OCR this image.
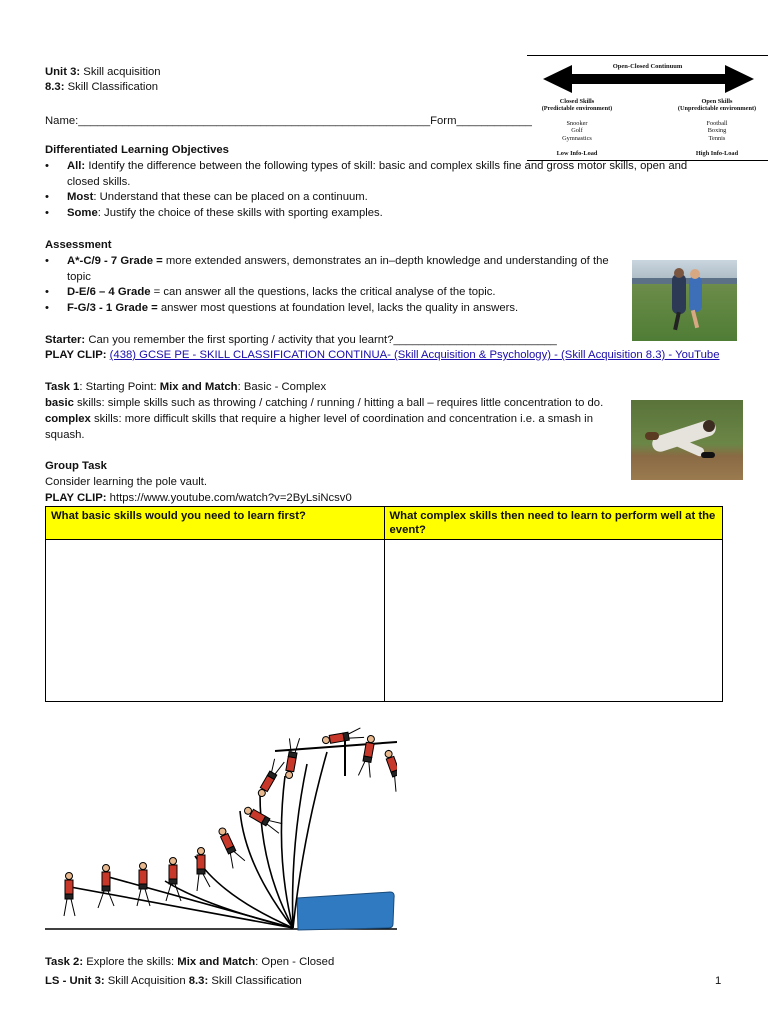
Unit 3: Skill acquisition
8.3: Skill Classification
Name:________________________________________________________Form____________
Open-Closed Continuum
Closed Skills
(Predictable environment)
Snooker
Golf
Gymnastics
Low Info-Load
Open Skills
(Unpredictable environment)
Football
Boxing
Tennis
High Info-Load
Differentiated Learning Objectives
• All: Identify the difference between the following types of skill: basic and complex skills fine and gross motor skills, open and
closed skills.
• Most: Understand that these can be placed on a continuum.
• Some: Justify the choice of these skills with sporting examples.
Assessment
• A*-C/9 - 7 Grade = more extended answers, demonstrates an in–depth knowledge and understanding of the
topic
• D-E/6 – 4 Grade = can answer all the questions, lacks the critical analyse of the topic.
• F-G/3 - 1 Grade = answer most questions at foundation level, lacks the quality in answers.
Starter: Can you remember the first sporting / activity that you learnt?__________________________
PLAY CLIP: (438) GCSE PE - SKILL CLASSIFICATION CONTINUA- (Skill Acquisition & Psychology) - (Skill Acquisition 8.3) - YouTube
Task 1: Starting Point: Mix and Match: Basic - Complex
basic skills: simple skills such as throwing / catching / running / hitting a ball – requires little concentration to do.
complex skills: more difficult skills that require a higher level of coordination and concentration i.e. a smash in
squash.
Group Task
Consider learning the pole vault.
PLAY CLIP: https://www.youtube.com/watch?v=2ByLsiNcsv0
What basic skills would you need to learn first?	What complex skills then need to learn to perform well at the event?

Task 2: Explore the skills: Mix and Match: Open - Closed
LS - Unit 3: Skill Acquisition 8.3: Skill Classification	1
